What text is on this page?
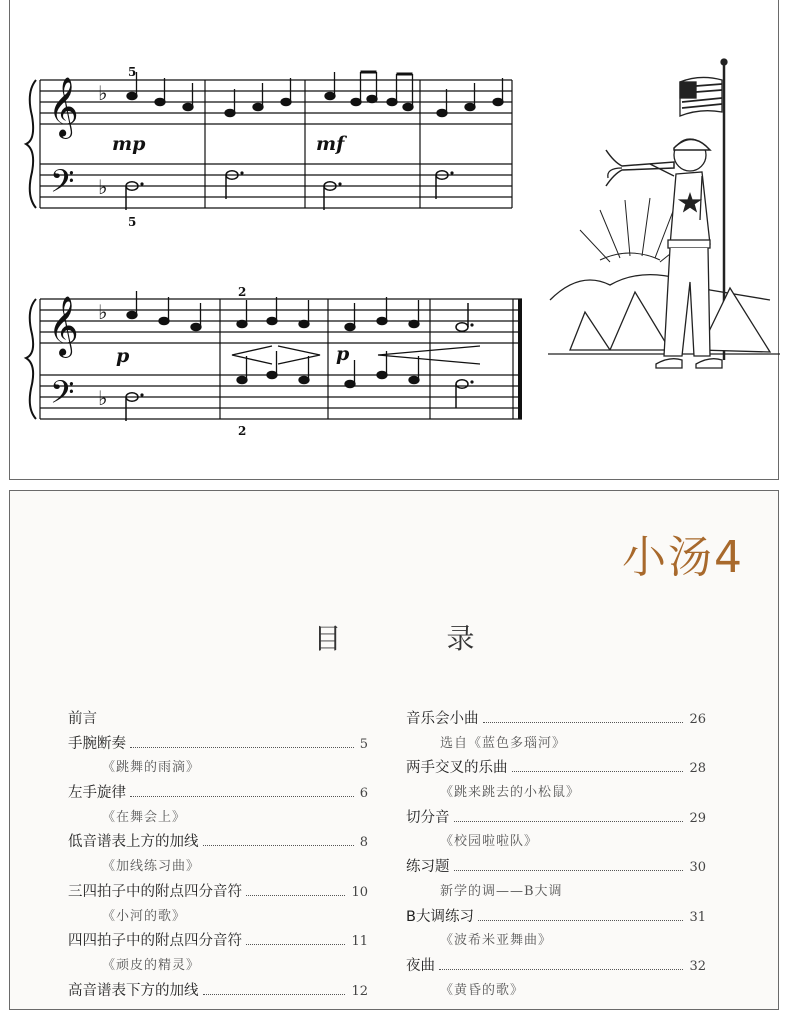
𝄞
𝄢
♭
♭
𝄞
𝄢
♭
♭
5
5
2
2
mp	mf
p	p
小汤4
目 录
前言
手腕断奏	5
《跳舞的雨滴》
左手旋律	6
《在舞会上》
低音谱表上方的加线	8
《加线练习曲》
三四拍子中的附点四分音符	10
《小河的歌》
四四拍子中的附点四分音符	11
《顽皮的精灵》
高音谱表下方的加线	12
音乐会小曲	26
选自《蓝色多瑙河》
两手交叉的乐曲	28
《跳来跳去的小松鼠》
切分音	29
《校园啦啦队》
练习题	30
新学的调——B大调
B大调练习	31
《波希米亚舞曲》
夜曲	32
《黄昏的歌》
